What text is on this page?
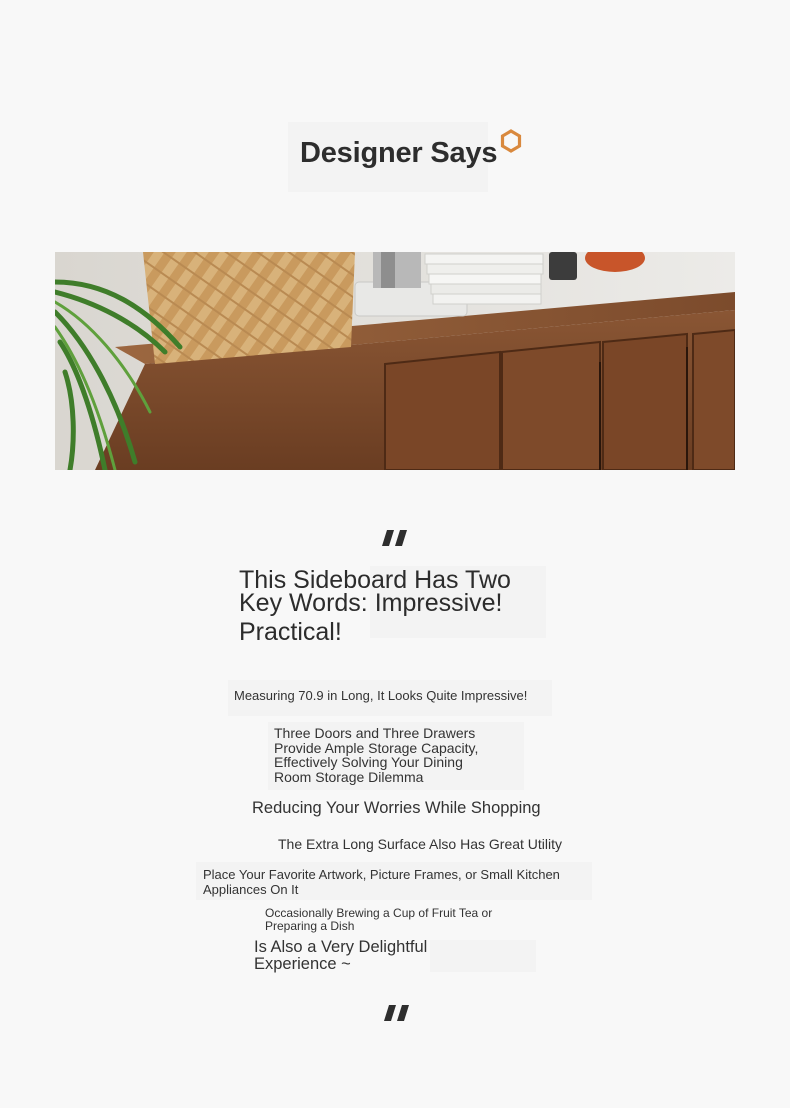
Designer Says
This Sideboard Has Two
Key Words: Impressive!
Practical!
Measuring 70.9 in Long, It Looks Quite Impressive!
Three Doors and Three Drawers Provide Ample Storage Capacity, Effectively Solving Your Dining Room Storage Dilemma
Reducing Your Worries While Shopping
The Extra Long Surface Also Has Great Utility
Place Your Favorite Artwork, Picture Frames, or Small Kitchen Appliances On It
Occasionally Brewing a Cup of Fruit Tea or Preparing a Dish
Is Also a Very Delightful Experience ~
